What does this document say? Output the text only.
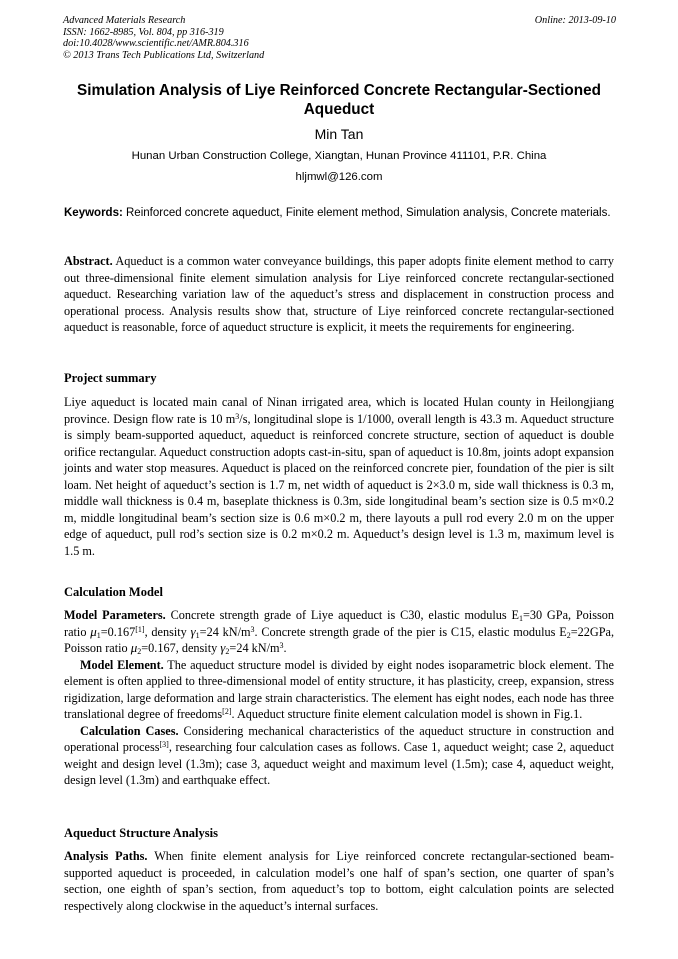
Advanced Materials Research
ISSN: 1662-8985, Vol. 804, pp 316-319
doi:10.4028/www.scientific.net/AMR.804.316
© 2013 Trans Tech Publications Ltd, Switzerland
Online: 2013-09-10
Simulation Analysis of Liye Reinforced Concrete Rectangular-Sectioned Aqueduct
Min Tan
Hunan Urban Construction College, Xiangtan, Hunan Province 411101, P.R. China
hljmwl@126.com
Keywords: Reinforced concrete aqueduct, Finite element method, Simulation analysis, Concrete materials.
Abstract. Aqueduct is a common water conveyance buildings, this paper adopts finite element method to carry out three-dimensional finite element simulation analysis for Liye reinforced concrete rectangular-sectioned aqueduct. Researching variation law of the aqueduct’s stress and displacement in construction process and operational process. Analysis results show that, structure of Liye reinforced concrete rectangular-sectioned aqueduct is reasonable, force of aqueduct structure is explicit, it meets the requirements for engineering.
Project summary
Liye aqueduct is located main canal of Ninan irrigated area, which is located Hulan county in Heilongjiang province. Design flow rate is 10 $m^3/s$, longitudinal slope is 1/1000, overall length is 43.3 m. Aqueduct structure is simply beam-supported aqueduct, aqueduct is reinforced concrete structure, section of aqueduct is double orifice rectangular. Aqueduct construction adopts cast-in-situ, span of aqueduct is 10.8m, joints adopt expansion joints and water stop measures. Aqueduct is placed on the reinforced concrete pier, foundation of the pier is silt loam. Net height of aqueduct’s section is 1.7 m, net width of aqueduct is 2×3.0 m, side wall thickness is 0.3 m, middle wall thickness is 0.4 m, baseplate thickness is 0.3m, side longitudinal beam’s section size is 0.5 m×0.2 m, middle longitudinal beam’s section size is 0.6 m×0.2 m, there layouts a pull rod every 2.0 m on the upper edge of aqueduct, pull rod’s section size is 0.2 m×0.2 m. Aqueduct’s design level is 1.3 m, maximum level is 1.5 m.
Calculation Model
Model Parameters. Concrete strength grade of Liye aqueduct is C30, elastic modulus $E_1=30$ GPa, Poisson ratio $\mu_1=0.167[1]$, density $\gamma_1=24$ $kN/m^3$. Concrete strength grade of the pier is C15, elastic modulus $E_2=22GPa$, Poisson ratio $\mu_2=0.167$, density $\gamma_2=24$ $kN/m^3$.
Model Element. The aqueduct structure model is divided by eight nodes isoparametric block element. The element is often applied to three-dimensional model of entity structure, it has plasticity, creep, expansion, stress rigidization, large deformation and large strain characteristics. The element has eight nodes, each node has three translational degree of freedoms[2]. Aqueduct structure finite element calculation model is shown in Fig.1.
Calculation Cases. Considering mechanical characteristics of the aqueduct structure in construction and operational process[3], researching four calculation cases as follows. Case 1, aqueduct weight; case 2, aqueduct weight and design level (1.3m); case 3, aqueduct weight and maximum level (1.5m); case 4, aqueduct weight, design level (1.3m) and earthquake effect.
Aqueduct Structure Analysis
Analysis Paths. When finite element analysis for Liye reinforced concrete rectangular-sectioned beam-supported aqueduct is proceeded, in calculation model’s one half of span’s section, one quarter of span’s section, one eighth of span’s section, from aqueduct’s top to bottom, eight calculation points are selected respectively along clockwise in the aqueduct’s internal surfaces.
